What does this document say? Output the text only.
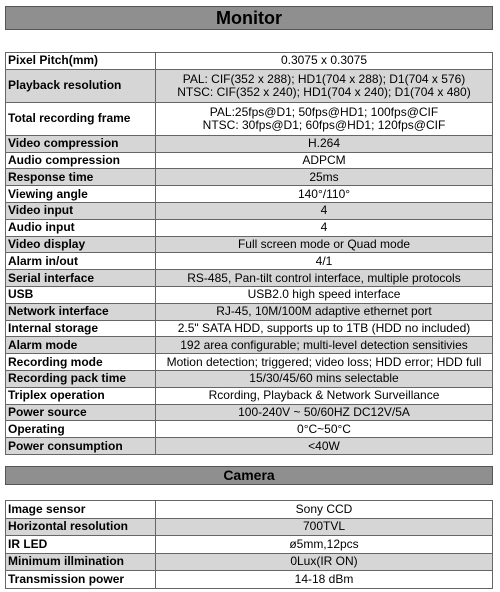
Monitor
Pixel Pitch(mm)	0.3075 x 0.3075

Playback resolution	PAL: CIF(352 x 288); HD1(704 x 288); D1(704 x 576)
NTSC: CIF(352 x 240); HD1(704 x 240); D1(704 x 480)

Total recording frame	PAL:25fps@D1; 50fps@HD1; 100fps@CIF
NTSC: 30fps@D1; 60fps@HD1; 120fps@CIF

Video compression	H.264

Audio compression	ADPCM

Response time	25ms

Viewing angle	140°/110°

Video input	4

Audio input	4

Video display	Full screen mode or Quad mode

Alarm in/out	4/1

Serial interface	RS-485, Pan-tilt control interface, multiple protocols

USB	USB2.0 high speed interface

Network interface	RJ-45, 10M/100M adaptive ethernet port

Internal storage	2.5" SATA HDD, supports up to 1TB (HDD no included)

Alarm mode	192 area configurable; multi-level detection sensitivies

Recording mode	Motion detection; triggered; video loss; HDD error; HDD full

Recording pack time	15/30/45/60 mins selectable

Triplex operation	Rcording, Playback & Network Surveillance

Power source	100-240V ~ 50/60HZ DC12V/5A

Operating	0°C~50°C

Power consumption	<40W
Camera
Image sensor	Sony CCD

Horizontal resolution	700TVL

IR LED	ø5mm,12pcs

Minimum illmination	0Lux(IR ON)

Transmission power	14-18 dBm
